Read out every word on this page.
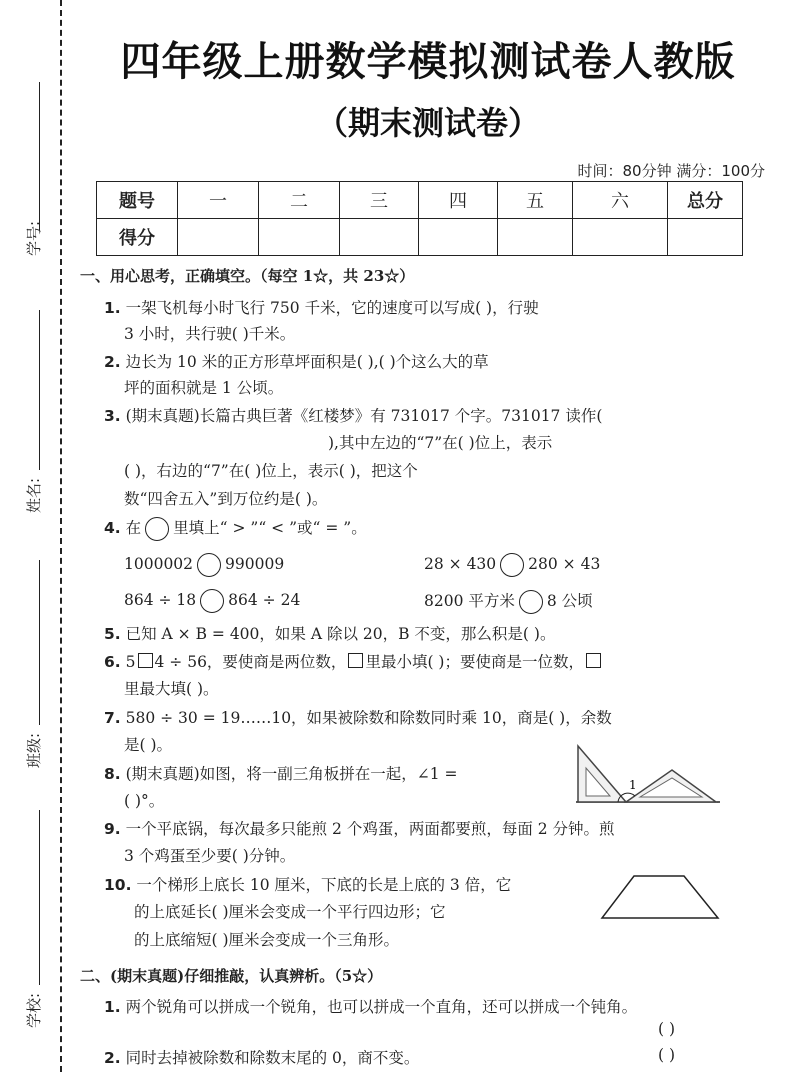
学号:
姓名:
班级:
学校:
四年级上册数学模拟测试卷人教版
（期末测试卷）
时间：80分钟 满分：100分
题号	一	二	三	四	五	六	总分
得分							
一、用心思考，正确填空。（每空 1☆，共 23☆）
1. 一架飞机每小时飞行 750 千米，它的速度可以写成( )，行驶
3 小时，共行驶( )千米。
2. 边长为 10 米的正方形草坪面积是( ),( )个这么大的草
坪的面积就是 1 公顷。
3. (期末真题)长篇古典巨著《红楼梦》有 731017 个字。731017 读作(
),其中左边的“7”在( )位上，表示
( )，右边的“7”在( )位上，表示( )，把这个
数“四舍五入”到万位约是( )。
4. 在 里填上“ > ”“ < ”或“ = ”。
1000002 990009	28 × 430 280 × 43
864 ÷ 18 864 ÷ 24	8200 平方米 8 公顷
5. 已知 A × B = 400，如果 A 除以 20，B 不变，那么积是( )。
6. 5 4 ÷ 56，要使商是两位数， 里最小填( )；要使商是一位数，
里最大填( )。
7. 580 ÷ 30 = 19……10，如果被除数和除数同时乘 10，商是( )，余数
是( )。
8. (期末真题)如图，将一副三角板拼在一起，∠1 =
( )°。
1
9. 一个平底锅，每次最多只能煎 2 个鸡蛋，两面都要煎，每面 2 分钟。煎
3 个鸡蛋至少要( )分钟。
10. 一个梯形上底长 10 厘米，下底的长是上底的 3 倍，它
的上底延长( )厘米会变成一个平行四边形；它
的上底缩短( )厘米会变成一个三角形。
二、(期末真题)仔细推敲，认真辨析。（5☆）
1. 两个锐角可以拼成一个锐角，也可以拼成一个直角，还可以拼成一个钝角。
( )
2. 同时去掉被除数和除数末尾的 0，商不变。	( )
